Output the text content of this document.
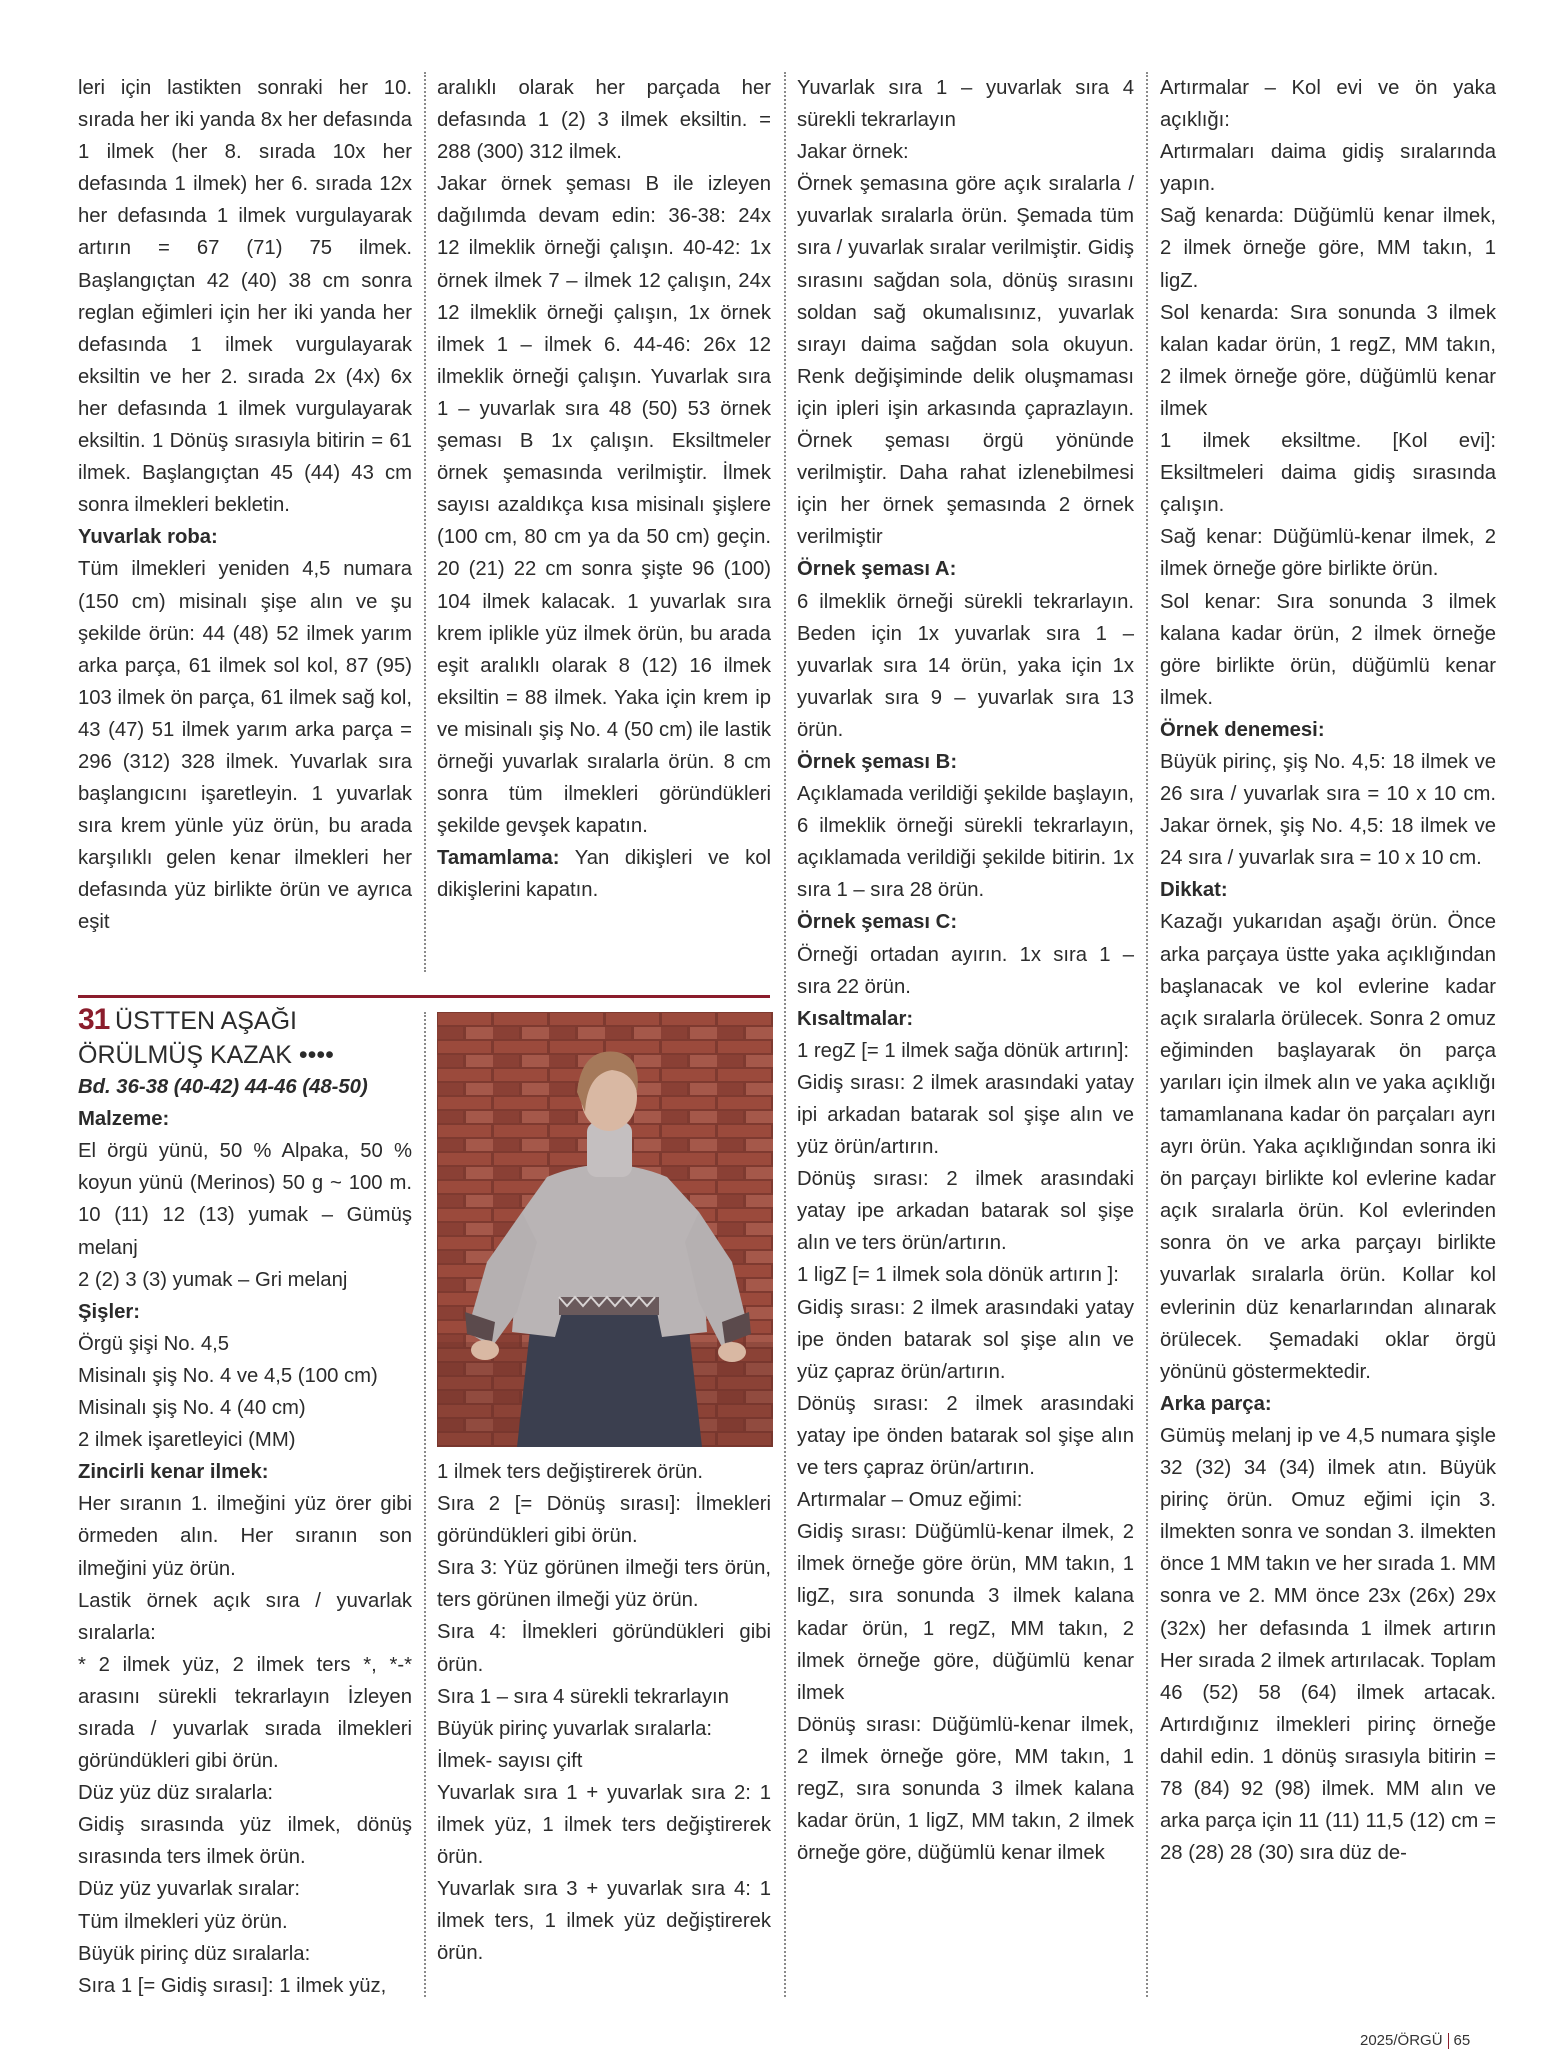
leri için lastikten sonraki her 10. sırada her iki yanda 8x her defasında 1 ilmek (her 8. sırada 10x her defasında 1 ilmek) her 6. sırada 12x her defasında 1 ilmek vurgulayarak artırın = 67 (71) 75 ilmek. Başlangıçtan 42 (40) 38 cm sonra reglan eğimleri için her iki yanda her defasında 1 ilmek vurgulayarak eksiltin ve her 2. sırada 2x (4x) 6x her defasında 1 ilmek vurgulayarak eksiltin. 1 Dönüş sırasıyla bitirin = 61 ilmek. Başlangıçtan 45 (44) 43 cm sonra ilmekleri bekletin.

Yuvarlak roba:

Tüm ilmekleri yeniden 4,5 numara (150 cm) misinalı şişe alın ve şu şekilde örün: 44 (48) 52 ilmek yarım arka parça, 61 ilmek sol kol, 87 (95) 103 ilmek ön parça, 61 ilmek sağ kol, 43 (47) 51 ilmek yarım arka parça = 296 (312) 328 ilmek. Yuvarlak sıra başlangıcını işaretleyin. 1 yuvarlak sıra krem yünle yüz örün, bu arada karşılıklı gelen kenar ilmekleri her defasında yüz birlikte örün ve ayrıca eşit

aralıklı olarak her parçada her defasında 1 (2) 3 ilmek eksiltin. = 288 (300) 312 ilmek.

Jakar örnek şeması B ile izleyen dağılımda devam edin: 36-38: 24x 12 ilmeklik örneği çalışın. 40-42: 1x örnek ilmek 7 – ilmek 12 çalışın, 24x 12 ilmeklik örneği çalışın, 1x örnek ilmek 1 – ilmek 6. 44-46: 26x 12 ilmeklik örneği çalışın. Yuvarlak sıra 1 – yuvarlak sıra 48 (50) 53 örnek şeması B 1x çalışın. Eksiltmeler örnek şemasında verilmiştir. İlmek sayısı azaldıkça kısa misinalı şişlere (100 cm, 80 cm ya da 50 cm) geçin. 20 (21) 22 cm sonra şişte 96 (100) 104 ilmek kalacak. 1 yuvarlak sıra krem iplikle yüz ilmek örün, bu arada eşit aralıklı olarak 8 (12) 16 ilmek eksiltin = 88 ilmek. Yaka için krem ip ve misinalı şiş No. 4 (50 cm) ile lastik örneği yuvarlak sıralarla örün. 8 cm sonra tüm ilmekleri göründükleri şekilde gevşek kapatın.

Tamamlama: Yan dikişleri ve kol dikişlerini kapatın.

31 ÜSTTEN AŞAĞI

ÖRÜLMÜŞ KAZAK ••••

Bd. 36-38 (40-42) 44-46 (48-50)

Malzeme:

El örgü yünü, 50 % Alpaka, 50 % koyun yünü (Merinos) 50 g ~ 100 m. 10 (11) 12 (13) yumak – Gümüş melanj

2 (2) 3 (3) yumak – Gri melanj

Şişler:

Örgü şişi No. 4,5

Misinalı şiş No. 4 ve 4,5 (100 cm)

Misinalı şiş No. 4 (40 cm)

2 ilmek işaretleyici (MM)

Zincirli kenar ilmek:

Her sıranın 1. ilmeğini yüz örer gibi örmeden alın. Her sıranın son ilmeğini yüz örün.

Lastik örnek açık sıra / yuvarlak sıralarla:

* 2 ilmek yüz, 2 ilmek ters *, *-* arasını sürekli tekrarlayın İzleyen sırada / yuvarlak sırada ilmekleri göründükleri gibi örün.

Düz yüz düz sıralarla:

Gidiş sırasında yüz ilmek, dönüş sırasında ters ilmek örün.

Düz yüz yuvarlak sıralar:

Tüm ilmekleri yüz örün.

Büyük pirinç düz sıralarla:

Sıra 1 [= Gidiş sırası]: 1 ilmek yüz,

1 ilmek ters değiştirerek örün.

Sıra 2 [= Dönüş sırası]: İlmekleri göründükleri gibi örün.

Sıra 3: Yüz görünen ilmeği ters örün, ters görünen ilmeği yüz örün.

Sıra 4: İlmekleri göründükleri gibi örün.

Sıra 1 – sıra 4 sürekli tekrarlayın

Büyük pirinç yuvarlak sıralarla:

İlmek- sayısı çift

Yuvarlak sıra 1 + yuvarlak sıra 2: 1 ilmek yüz, 1 ilmek ters değiştirerek örün.

Yuvarlak sıra 3 + yuvarlak sıra 4: 1 ilmek ters, 1 ilmek yüz değiştirerek örün.

Yuvarlak sıra 1 – yuvarlak sıra 4 sürekli tekrarlayın

Jakar örnek:

Örnek şemasına göre açık sıralarla / yuvarlak sıralarla örün. Şemada tüm sıra / yuvarlak sıralar verilmiştir. Gidiş sırasını sağdan sola, dönüş sırasını soldan sağ okumalısınız, yuvarlak sırayı daima sağdan sola okuyun. Renk değişiminde delik oluşmaması için ipleri işin arkasında çaprazlayın. Örnek şeması örgü yönünde verilmiştir. Daha rahat izlenebilmesi için her örnek şemasında 2 örnek verilmiştir

Örnek şeması A:

6 ilmeklik örneği sürekli tekrarlayın. Beden için 1x yuvarlak sıra 1 – yuvarlak sıra 14 örün, yaka için 1x yuvarlak sıra 9 – yuvarlak sıra 13 örün.

Örnek şeması B:

Açıklamada verildiği şekilde başlayın, 6 ilmeklik örneği sürekli tekrarlayın, açıklamada verildiği şekilde bitirin. 1x sıra 1 – sıra 28 örün.

Örnek şeması C:

Örneği ortadan ayırın. 1x sıra 1 – sıra 22 örün.

Kısaltmalar:

1 regZ [= 1 ilmek sağa dönük artırın]:

Gidiş sırası: 2 ilmek arasındaki yatay ipi arkadan batarak sol şişe alın ve yüz örün/artırın.

Dönüş sırası: 2 ilmek arasındaki yatay ipe arkadan batarak sol şişe alın ve ters örün/artırın.

1 ligZ [= 1 ilmek sola dönük artırın ]:

Gidiş sırası: 2 ilmek arasındaki yatay ipe önden batarak sol şişe alın ve yüz çapraz örün/artırın.

Dönüş sırası: 2 ilmek arasındaki yatay ipe önden batarak sol şişe alın ve ters çapraz örün/artırın.

Artırmalar – Omuz eğimi:

Gidiş sırası: Düğümlü-kenar ilmek, 2 ilmek örneğe göre örün, MM takın, 1 ligZ, sıra sonunda 3 ilmek kalana kadar örün, 1 regZ, MM takın, 2 ilmek örneğe göre, düğümlü kenar ilmek

Dönüş sırası: Düğümlü-kenar ilmek, 2 ilmek örneğe göre, MM takın, 1 regZ, sıra sonunda 3 ilmek kalana kadar örün, 1 ligZ, MM takın, 2 ilmek örneğe göre, düğümlü kenar ilmek

Artırmalar – Kol evi ve ön yaka açıklığı:

Artırmaları daima gidiş sıralarında yapın.

Sağ kenarda: Düğümlü kenar ilmek, 2 ilmek örneğe göre, MM takın, 1 ligZ.

Sol kenarda: Sıra sonunda 3 ilmek kalan kadar örün, 1 regZ, MM takın, 2 ilmek örneğe göre, düğümlü kenar ilmek

1 ilmek eksiltme. [Kol evi]: Eksiltmeleri daima gidiş sırasında çalışın.

Sağ kenar: Düğümlü-kenar ilmek, 2 ilmek örneğe göre birlikte örün.

Sol kenar: Sıra sonunda 3 ilmek kalana kadar örün, 2 ilmek örneğe göre birlikte örün, düğümlü kenar ilmek.

Örnek denemesi:

Büyük pirinç, şiş No. 4,5: 18 ilmek ve 26 sıra / yuvarlak sıra = 10 x 10 cm. Jakar örnek, şiş No. 4,5: 18 ilmek ve 24 sıra / yuvarlak sıra = 10 x 10 cm.

Dikkat:

Kazağı yukarıdan aşağı örün. Önce arka parçaya üstte yaka açıklığından başlanacak ve kol evlerine kadar açık sıralarla örülecek. Sonra 2 omuz eğiminden başlayarak ön parça yarıları için ilmek alın ve yaka açıklığı tamamlanana kadar ön parçaları ayrı ayrı örün. Yaka açıklığından sonra iki ön parçayı birlikte kol evlerine kadar açık sıralarla örün. Kol evlerinden sonra ön ve arka parçayı birlikte yuvarlak sıralarla örün. Kollar kol evlerinin düz kenarlarından alınarak örülecek. Şemadaki oklar örgü yönünü göstermektedir.

Arka parça:

Gümüş melanj ip ve 4,5 numara şişle 32 (32) 34 (34) ilmek atın. Büyük pirinç örün. Omuz eğimi için 3. ilmekten sonra ve sondan 3. ilmekten önce 1 MM takın ve her sırada 1. MM sonra ve 2. MM önce 23x (26x) 29x (32x) her defasında 1 ilmek artırın Her sırada 2 ilmek artırılacak. Toplam 46 (52) 58 (64) ilmek artacak. Artırdığınız ilmekleri pirinç örneğe dahil edin. 1 dönüş sırasıyla bitirin = 78 (84) 92 (98) ilmek. MM alın ve arka parça için 11 (11) 11,5 (12) cm = 28 (28) 28 (30) sıra düz de-

2025/ÖRGÜ 65
